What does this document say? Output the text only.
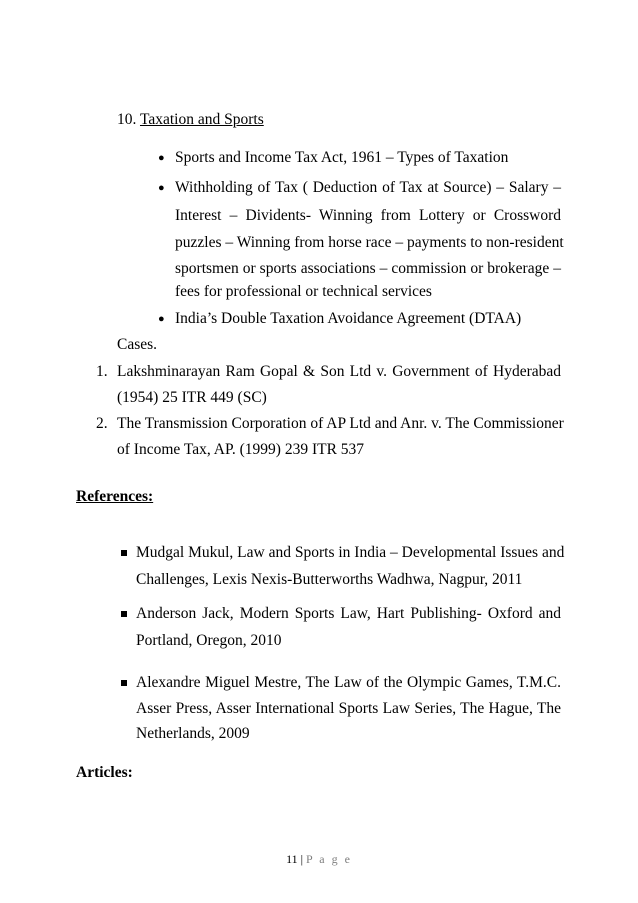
10. Taxation and Sports
● Sports and Income Tax Act, 1961 – Types of Taxation
● Withholding of Tax ( Deduction of Tax at Source) – Salary –
Interest – Dividents- Winning from Lottery or Crossword
puzzles – Winning from horse race – payments to non-resident
sportsmen or sports associations – commission or brokerage –
fees for professional or technical services
● India’s Double Taxation Avoidance Agreement (DTAA)
Cases.
1. Lakshminarayan Ram Gopal & Son Ltd v. Government of Hyderabad
(1954) 25 ITR 449 (SC)
2. The Transmission Corporation of AP Ltd and Anr. v. The Commissioner
of Income Tax, AP. (1999) 239 ITR 537
References:
Mudgal Mukul, Law and Sports in India – Developmental Issues and
Challenges, Lexis Nexis-Butterworths Wadhwa, Nagpur, 2011
Anderson Jack, Modern Sports Law, Hart Publishing- Oxford and
Portland, Oregon, 2010
Alexandre Miguel Mestre, The Law of the Olympic Games, T.M.C.
Asser Press, Asser International Sports Law Series, The Hague, The
Netherlands, 2009
Articles:
11 | P a g e
